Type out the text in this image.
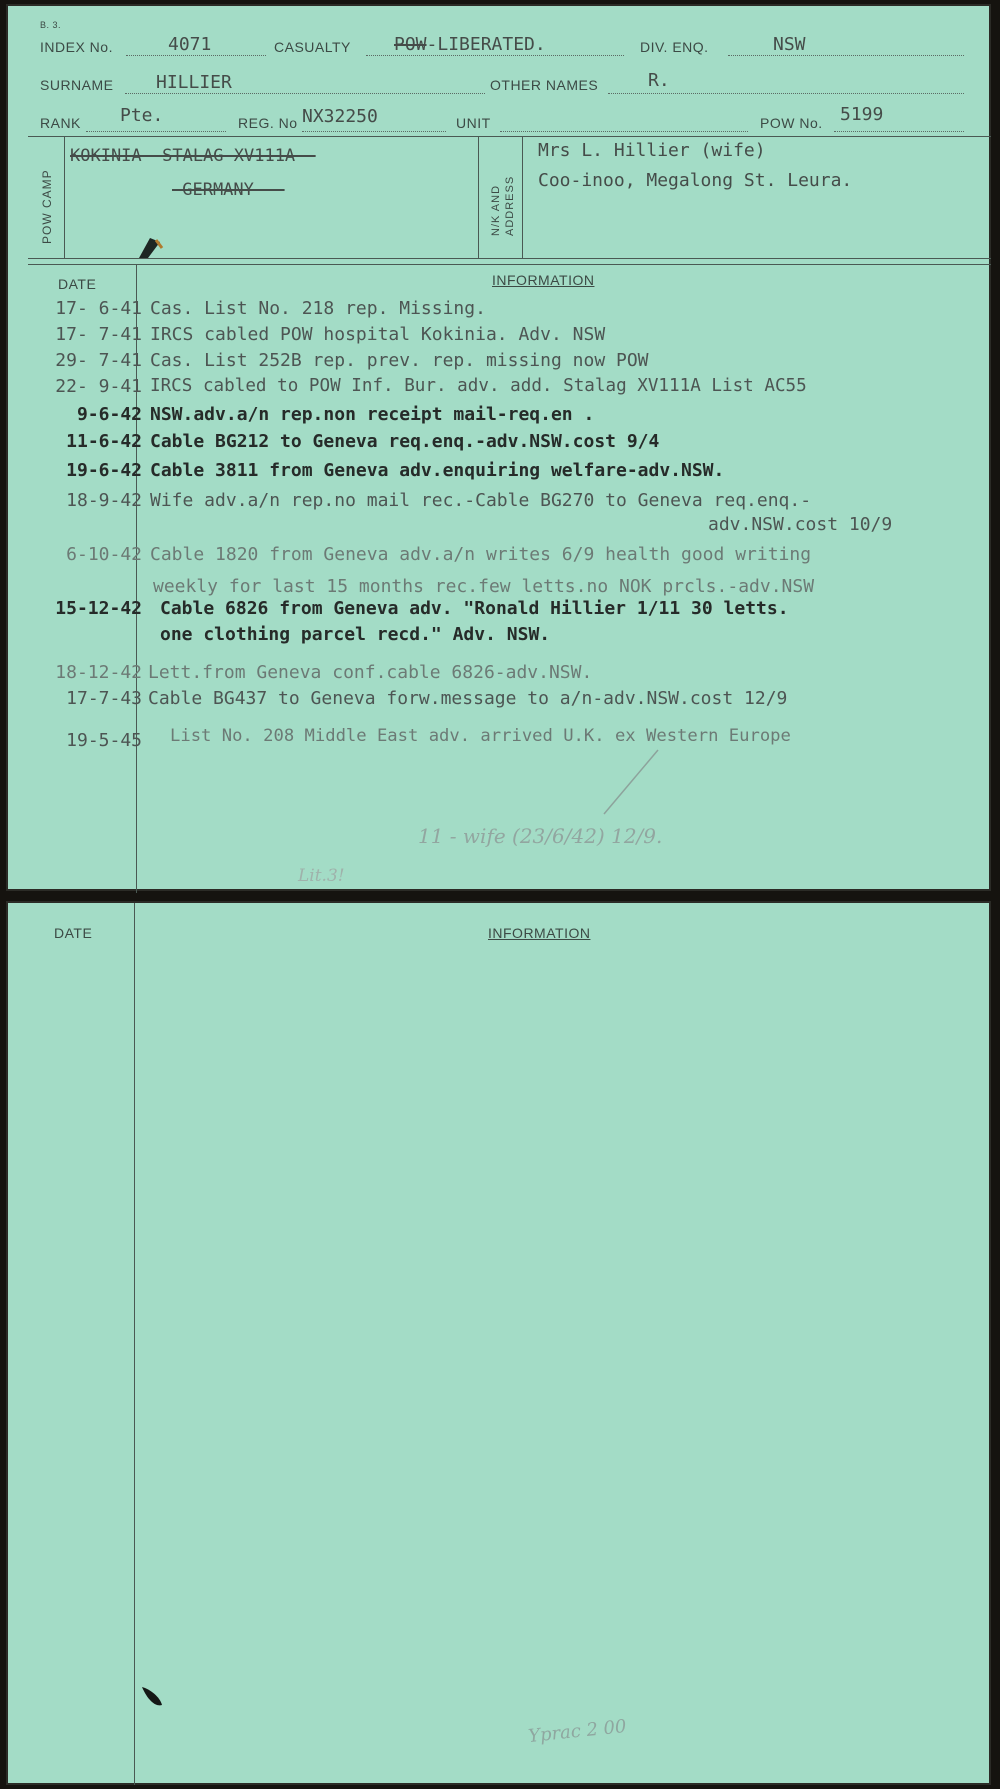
B. 3.
INDEX No.	4071	CASUALTY POW-LIBERATED.	DIV. ENQ.	NSW
SURNAME HILLIER	OTHER NAMES	R.
RANK Pte.	REG. No NX32250	UNIT	POW No. 5199
POW CAMP	N/K AND ADDRESS
KOKINIA -STALAG-XV111A--
-GERMANY---
Mrs L. Hillier (wife)
Coo-inoo, Megalong St. Leura.
DATE	INFORMATION
17- 6-41 Cas. List No. 218 rep. Missing.
17- 7-41 IRCS cabled POW hospital Kokinia. Adv. NSW
29- 7-41 Cas. List 252B rep. prev. rep. missing now POW
22- 9-41 IRCS cabled to POW Inf. Bur. adv. add. Stalag XV111A List AC55
9-6-42 NSW.adv.a/n rep.non receipt mail-req.en .
11-6-42 Cable BG212 to Geneva req.enq.-adv.NSW.cost 9/4
19-6-42 Cable 3811 from Geneva adv.enquiring welfare-adv.NSW.
18-9-42 Wife adv.a/n rep.no mail rec.-Cable BG270 to Geneva req.enq.-
adv.NSW.cost 10/9
6-10-42 Cable 1820 from Geneva adv.a/n writes 6/9 health good writing
weekly for last 15 months rec.few letts.no NOK prcls.-adv.NSW
15-12-42 Cable 6826 from Geneva adv. "Ronald Hillier 1/11 30 letts.
one clothing parcel recd." Adv. NSW.
18-12-42 Lett.from Geneva conf.cable 6826-adv.NSW.
17-7-43 Cable BG437 to Geneva forw.message to a/n-adv.NSW.cost 12/9
19-5-45 List No. 208 Middle East adv. arrived U.K. ex Western Europe
11 - wife (23/6/42) 12/9.
Lit.3!
DATE	INFORMATION
Yprac 2 00
